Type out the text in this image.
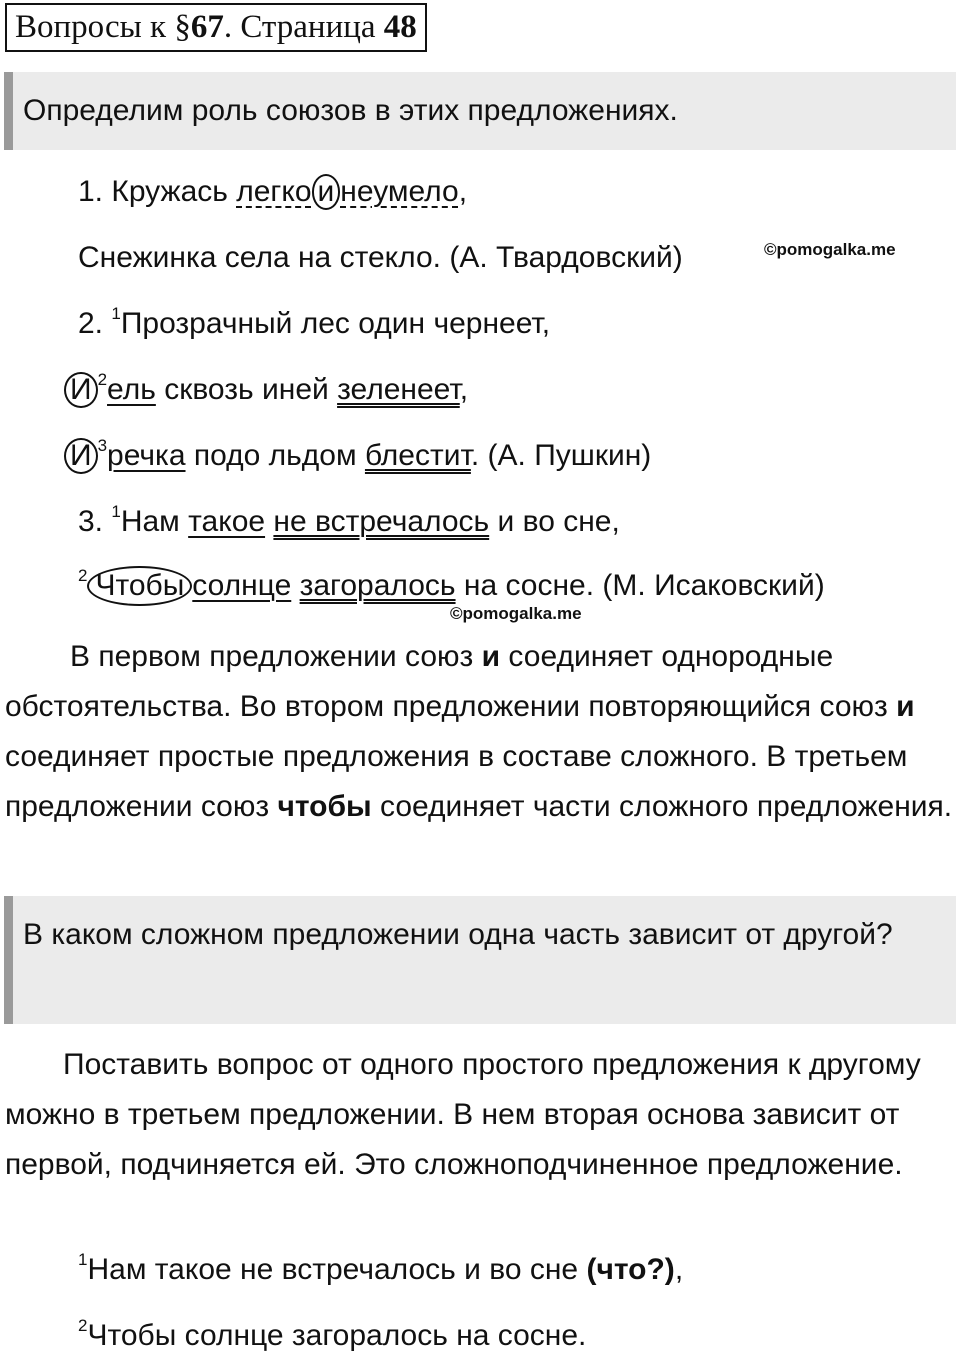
Вопросы к §67. Страница 48
Определим роль союзов в этих предложениях.
1. Кружась легко и неумело,
Снежинка села на стекло. (А. Твардовский)	©pomogalka.me
2. $^1$Прозрачный лес один чернеет,
И $^2$ель сквозь иней зеленеет,
И $^3$речка подо льдом блестит. (А. Пушкин)
3. $^1$Нам такое не встречалось и во сне,
$^2$ Чтобы солнце загоралось на сосне. (М. Исаковский)
©pomogalka.me
В первом предложении союз и соединяет однородные обстоятельства. Во втором предложении повторяющийся союз и соединяет простые предложения в составе сложного. В третьем предложении союз чтобы соединяет части сложного предложения.
В каком сложном предложении одна часть зависит от другой?
Поставить вопрос от одного простого предложения к другому можно в третьем предложении. В нем вторая основа зависит от первой, подчиняется ей. Это сложноподчиненное предложение.
$^1$Нам такое не встречалось и во сне (что?),
$^2$Чтобы солнце загоралось на сосне.
